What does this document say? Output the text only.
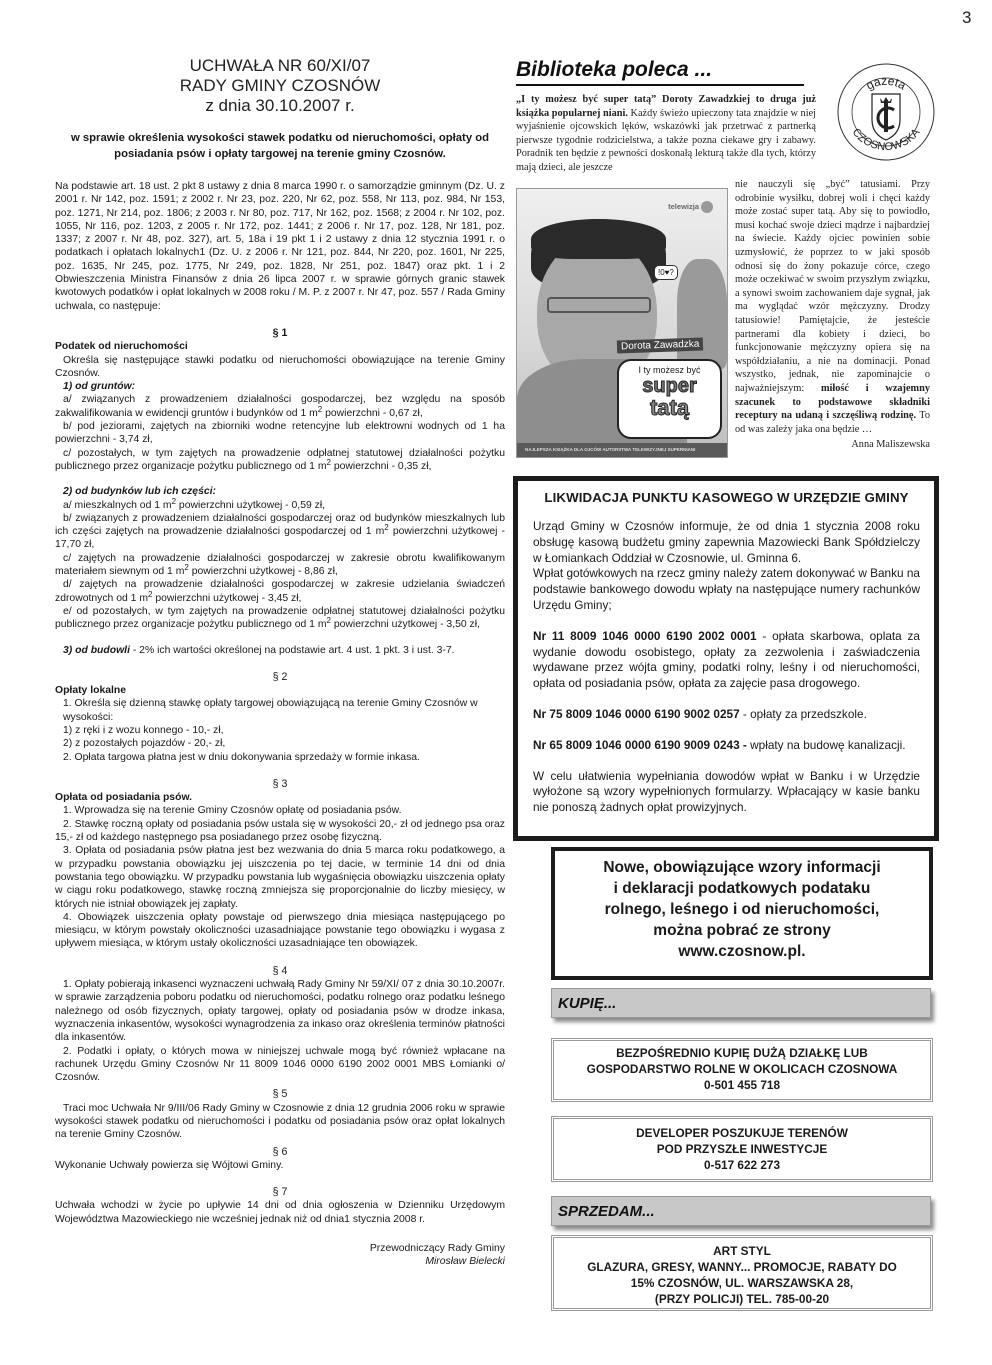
3
UCHWAŁA NR 60/XI/07
RADY GMINY CZOSNÓW
z dnia 30.10.2007 r.
w sprawie określenia wysokości stawek podatku od nieruchomości, opłaty od posiadania psów i opłaty targowej na terenie gminy Czosnów.
Na podstawie art. 18 ust. 2 pkt 8 ustawy z dnia 8 marca 1990 r. o samorządzie gminnym (Dz. U. z 2001 r. Nr 142, poz. 1591; z 2002 r. Nr 23, poz. 220, Nr 62, poz. 558, Nr 113, poz. 984, Nr 153, poz. 1271, Nr 214, poz. 1806; z 2003 r. Nr 80, poz. 717, Nr 162, poz. 1568; z 2004 r. Nr 102, poz. 1055, Nr 116, poz. 1203, z 2005 r. Nr 172, poz. 1441; z 2006 r. Nr 17, poz. 128, Nr 181, poz. 1337; z 2007 r. Nr 48, poz. 327), art. 5, 18a i 19 pkt 1 i 2 ustawy z dnia 12 stycznia 1991 r. o podatkach i opłatach lokalnych1 (Dz. U. z 2006 r. Nr 121, poz. 844, Nr 220, poz. 1601, Nr 225, poz. 1635, Nr 245, poz. 1775, Nr 249, poz. 1828, Nr 251, poz. 1847) oraz pkt. 1 i 2 Obwieszczenia Ministra Finansów z dnia 26 lipca 2007 r. w sprawie górnych granic stawek kwotowych podatków i opłat lokalnych w 2008 roku / M. P. z 2007 r. Nr 47, poz. 557 / Rada Gminy uchwala, co następuje:
§ 1
Podatek od nieruchomości
Określa się następujące stawki podatku od nieruchomości obowiązujące na terenie Gminy Czosnów.
1) od gruntów:
a/ związanych z prowadzeniem działalności gospodarczej, bez względu na sposób zakwalifikowania w ewidencji gruntów i budynków od 1 $m^2$ powierzchni - 0,67 zł,
b/ pod jeziorami, zajętych na zbiorniki wodne retencyjne lub elektrowni wodnych od 1 ha powierzchni - 3,74 zł,
c/ pozostałych, w tym zajętych na prowadzenie odpłatnej statutowej działalności pożytku publicznego przez organizacje pożytku publicznego od 1 $m^2$ powierzchni - 0,35 zł,
2) od budynków lub ich części:
a/ mieszkalnych od 1 $m^2$ powierzchni użytkowej - 0,59 zł,
b/ związanych z prowadzeniem działalności gospodarczej oraz od budynków mieszkalnych lub ich części zajętych na prowadzenie działalności gospodarczej od 1 $m^2$ powierzchni użytkowej - 17,70 zł,
c/ zajętych na prowadzenie działalności gospodarczej w zakresie obrotu kwalifikowanym materiałem siewnym od 1 $m^2$ powierzchni użytkowej - 8,86 zł,
d/ zajętych na prowadzenie działalności gospodarczej w zakresie udzielania świadczeń zdrowotnych od 1 $m^2$ powierzchni użytkowej - 3,45 zł,
e/ od pozostałych, w tym zajętych na prowadzenie odpłatnej statutowej działalności pożytku publicznego przez organizacje pożytku publicznego od 1 $m^2$ powierzchni użytkowej - 3,50 zł,
3) od budowli - 2% ich wartości określonej na podstawie art. 4 ust. 1 pkt. 3 i ust. 3-7.
§ 2
Opłaty lokalne
1. Określa się dzienną stawkę opłaty targowej obowiązującą na terenie Gminy Czosnów w wysokości:
1) z ręki i z wozu konnego - 10,- zł,
2) z pozostałych pojazdów - 20,- zł,
2. Opłata targowa płatna jest w dniu dokonywania sprzedaży w formie inkasa.
§ 3
Opłata od posiadania psów.
1. Wprowadza się na terenie Gminy Czosnów opłatę od posiadania psów.
2. Stawkę roczną opłaty od posiadania psów ustala się w wysokości 20,- zł od jednego psa oraz 15,- zł od każdego następnego psa posiadanego przez osobę fizyczną.
3. Opłata od posiadania psów płatna jest bez wezwania do dnia 5 marca roku podatkowego, a w przypadku powstania obowiązku jej uiszczenia po tej dacie, w terminie 14 dni od dnia powstania tego obowiązku. W przypadku powstania lub wygaśnięcia obowiązku uiszczenia opłaty w ciągu roku podatkowego, stawkę roczną zmniejsza się proporcjonalnie do liczby miesięcy, w których nie istniał obowiązek jej zapłaty.
4. Obowiązek uiszczenia opłaty powstaje od pierwszego dnia miesiąca następującego po miesiącu, w którym powstały okoliczności uzasadniające powstanie tego obowiązku i wygasa z upływem miesiąca, w którym ustały okoliczności uzasadniające ten obowiązek.
§ 4
1. Opłaty pobierają inkasenci wyznaczeni uchwałą Rady Gminy Nr 59/XI/ 07 z dnia 30.10.2007r. w sprawie zarządzenia poboru podatku od nieruchomości, podatku rolnego oraz podatku leśnego należnego od osób fizycznych, opłaty targowej, opłaty od posiadania psów w drodze inkasa, wyznaczenia inkasentów, wysokości wynagrodzenia za inkaso oraz określenia terminów płatności dla inkasentów.
2. Podatki i opłaty, o których mowa w niniejszej uchwale mogą być również wpłacane na rachunek Urzędu Gminy Czosnów Nr 11 8009 1046 0000 6190 2002 0001 MBS Łomianki o/ Czosnów.
§ 5
Traci moc Uchwała Nr 9/III/06 Rady Gminy w Czosnowie z dnia 12 grudnia 2006 roku w sprawie wysokości stawek podatku od nieruchomości i podatku od posiadania psów oraz opłat lokalnych na terenie Gminy Czosnów.
§ 6
Wykonanie Uchwały powierza się Wójtowi Gminy.
§ 7
Uchwała wchodzi w życie po upływie 14 dni od dnia ogłoszenia w Dzienniku Urzędowym Województwa Mazowieckiego nie wcześniej jednak niż od dnia1 stycznia 2008 r.
Przewodniczący Rady Gminy
Mirosław Bielecki
Biblioteka poleca ...
„I ty możesz być super tatą” Doroty Zawadzkiej to druga już książka popularnej niani. Każdy świeżo upieczony tata znajdzie w niej wyjaśnienie ojcowskich lęków, wskazówki jak przetrwać z partnerką pierwsze tygodnie rodzicielstwa, a także pozna ciekawe gry i zabawy. Poradnik ten będzie z pewności doskonałą lekturą także dla tych, którzy mają dzieci, ale jeszcze
!0♥?
telewizja
Dorota Zawadzka
I ty możesz być
super
tatą
NAJLEPSZA KSIĄŻKA DLA OJCÓW AUTORSTWA TELEWIZYJNEJ SUPERNIANI
nie nauczyli się „być” tatusiami. Przy odrobinie wysiłku, dobrej woli i chęci każdy może zostać super tatą. Aby się to powiodło, musi kochać swoje dzieci mądrze i najbardziej na świecie. Każdy ojciec powinien sobie uzmysłowić, że poprzez to w jaki sposób odnosi się do żony pokazuje córce, czego może oczekiwać w swoim przyszłym związku, a synowi swoim zachowaniem daje sygnał, jak ma wyglądać wzór mężczyzny. Drodzy tatusiowie! Pamiętajcie, że jesteście partnerami dla kobiety i dzieci, bo funkcjonowanie mężczyzny opiera się na współdziałaniu, a nie na dominacji. Ponad wszystko, jednak, nie zapominajcie o najważniejszym: miłość i wzajemny szacunek to podstawowe składniki receptury na udaną i szczęśliwą rodzinę. To od was zależy jaka ona będzie …
Anna Maliszewska
gazeta
CZOSNOWSKA
LIKWIDACJA PUNKTU KASOWEGO W URZĘDZIE GMINY
Urząd Gminy w Czosnów informuje, że od dnia 1 stycznia 2008 roku obsługę kasową budżetu gminy zapewnia Mazowiecki Bank Spółdzielczy w Łomiankach Oddział w Czosnowie, ul. Gminna 6.
Wpłat gotówkowych na rzecz gminy należy zatem dokonywać w Banku na podstawie bankowego dowodu wpłaty na następujące numery rachunków Urzędu Gminy;
Nr 11 8009 1046 0000 6190 2002 0001 - opłata skarbowa, oplata za wydanie dowodu osobistego, opłaty za zezwolenia i zaświadczenia wydawane przez wójta gminy, podatki rolny, leśny i od nieruchomości, opłata od posiadania psów, opłata za zajęcie pasa drogowego.
Nr 75 8009 1046 0000 6190 9002 0257 - opłaty za przedszkole.
Nr 65 8009 1046 0000 6190 9009 0243 - wpłaty na budowę kanalizacji.
W celu ułatwienia wypełniania dowodów wpłat w Banku i w Urzędzie wyłożone są wzory wypełnionych formularzy. Wpłacający w kasie banku nie ponoszą żadnych opłat prowizyjnych.
Nowe, obowiązujące wzory informacji
i deklaracji podatkowych podataku
rolnego, leśnego i od nieruchomości,
można pobrać ze strony
www.czosnow.pl.
KUPIĘ...
BEZPOŚREDNIO KUPIĘ DUŻĄ DZIAŁKĘ LUB
GOSPODARSTWO ROLNE W OKOLICACH CZOSNOWA
0-501 455 718
DEVELOPER POSZUKUJE TERENÓW
POD PRZYSZŁE INWESTYCJE
0-517 622 273
SPRZEDAM...
ART STYL
GLAZURA, GRESY, WANNY... PROMOCJE, RABATY DO
15% CZOSNÓW, UL. WARSZAWSKA 28,
(PRZY POLICJI) TEL. 785-00-20
